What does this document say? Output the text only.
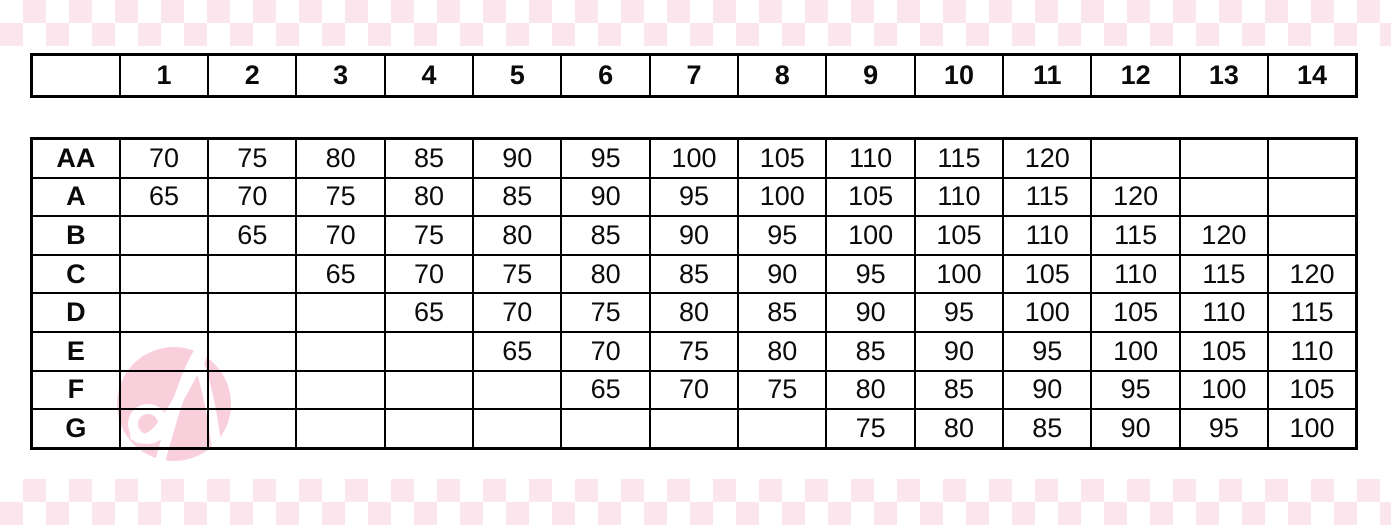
	1	2	3	4	5	6	7	8	9	10	11	12	13	14
AA	70	75	80	85	90	95	100	105	110	115	120			
A	65	70	75	80	85	90	95	100	105	110	115	120		
B		65	70	75	80	85	90	95	100	105	110	115	120	
C			65	70	75	80	85	90	95	100	105	110	115	120
D				65	70	75	80	85	90	95	100	105	110	115
E					65	70	75	80	85	90	95	100	105	110
F						65	70	75	80	85	90	95	100	105
G									75	80	85	90	95	100
